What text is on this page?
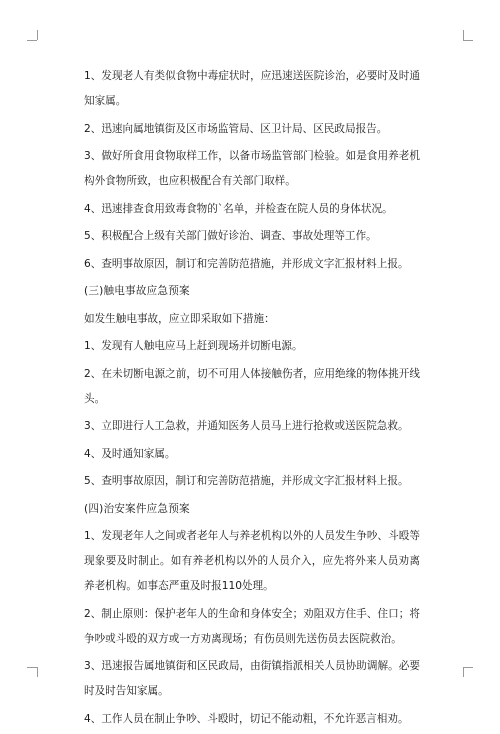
1、发现老人有类似食物中毒症状时，应迅速送医院诊治，必要时及时通知家属。

2、迅速向属地镇街及区市场监管局、区卫计局、区民政局报告。

3、做好所食用食物取样工作，以备市场监管部门检验。如是食用养老机构外食物所致，也应积极配合有关部门取样。

4、迅速排查食用致毒食物的`名单，并检查在院人员的身体状况。

5、积极配合上级有关部门做好诊治、调查、事故处理等工作。

6、查明事故原因，制订和完善防范措施，并形成文字汇报材料上报。

(三)触电事故应急预案

如发生触电事故，应立即采取如下措施：

1、发现有人触电应马上赶到现场并切断电源。

2、在未切断电源之前，切不可用人体接触伤者，应用绝缘的物体挑开线头。

3、立即进行人工急救，并通知医务人员马上进行抢救或送医院急救。

4、及时通知家属。

5、查明事故原因，制订和完善防范措施，并形成文字汇报材料上报。

(四)治安案件应急预案

1、发现老年人之间或者老年人与养老机构以外的人员发生争吵、斗殴等现象要及时制止。如有养老机构以外的人员介入，应先将外来人员劝离养老机构。如事态严重及时报110处理。

2、制止原则：保护老年人的生命和身体安全；劝阻双方住手、住口；将争吵或斗殴的双方或一方劝离现场；有伤员则先送伤员去医院救治。

3、迅速报告属地镇街和区民政局，由街镇指派相关人员协助调解。必要时及时告知家属。

4、工作人员在制止争吵、斗殴时，切记不能动粗，不允许恶言相劝。
